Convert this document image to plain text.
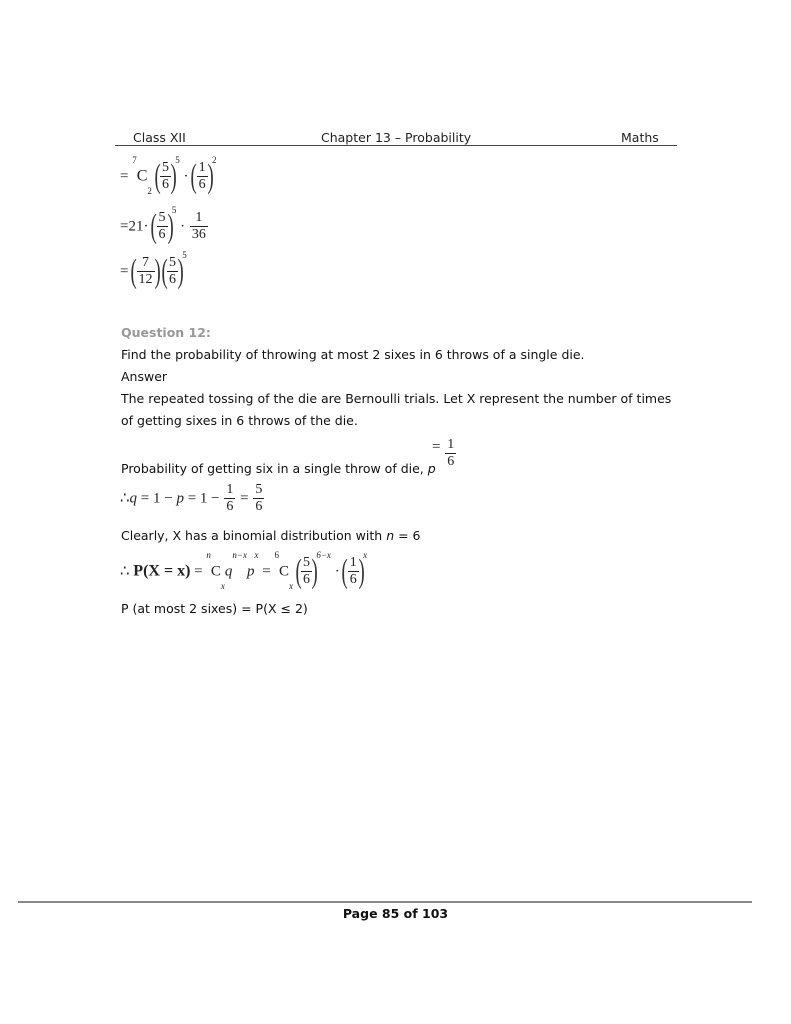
Class XII	Chapter 13 – Probability	Maths
= $^7$C2 ( $\frac{5}{6} )^5$ · ( $\frac{1}{6} )^2$
=21· ( $\frac{5}{6} )^5 \cdot \frac{1}{36}$
= ( $\frac{7}{12}$ ) ( $\frac{5}{6} )^5$
Question 12:
Find the probability of throwing at most 2 sixes in 6 throws of a single die.
Answer
The repeated tossing of the die are Bernoulli trials. Let X represent the number of times
of getting sixes in 6 throws of the die.
Probability of getting six in a single throw of die, p
= $\frac{1}{6}$
∴q = $1 - p = 1 - \frac{1}{6} = \frac{5}{6}$
Clearly, X has a binomial distribution with n = 6
∴ $P(X = x) = ^nCxq^{n-x}p^x = ^6Cx$ ( $\frac{5}{6} )^{6-x}$ · ( $\frac{1}{6} )^x$
P (at most 2 sixes) = P(X ≤ 2)
Page 85 of 103
